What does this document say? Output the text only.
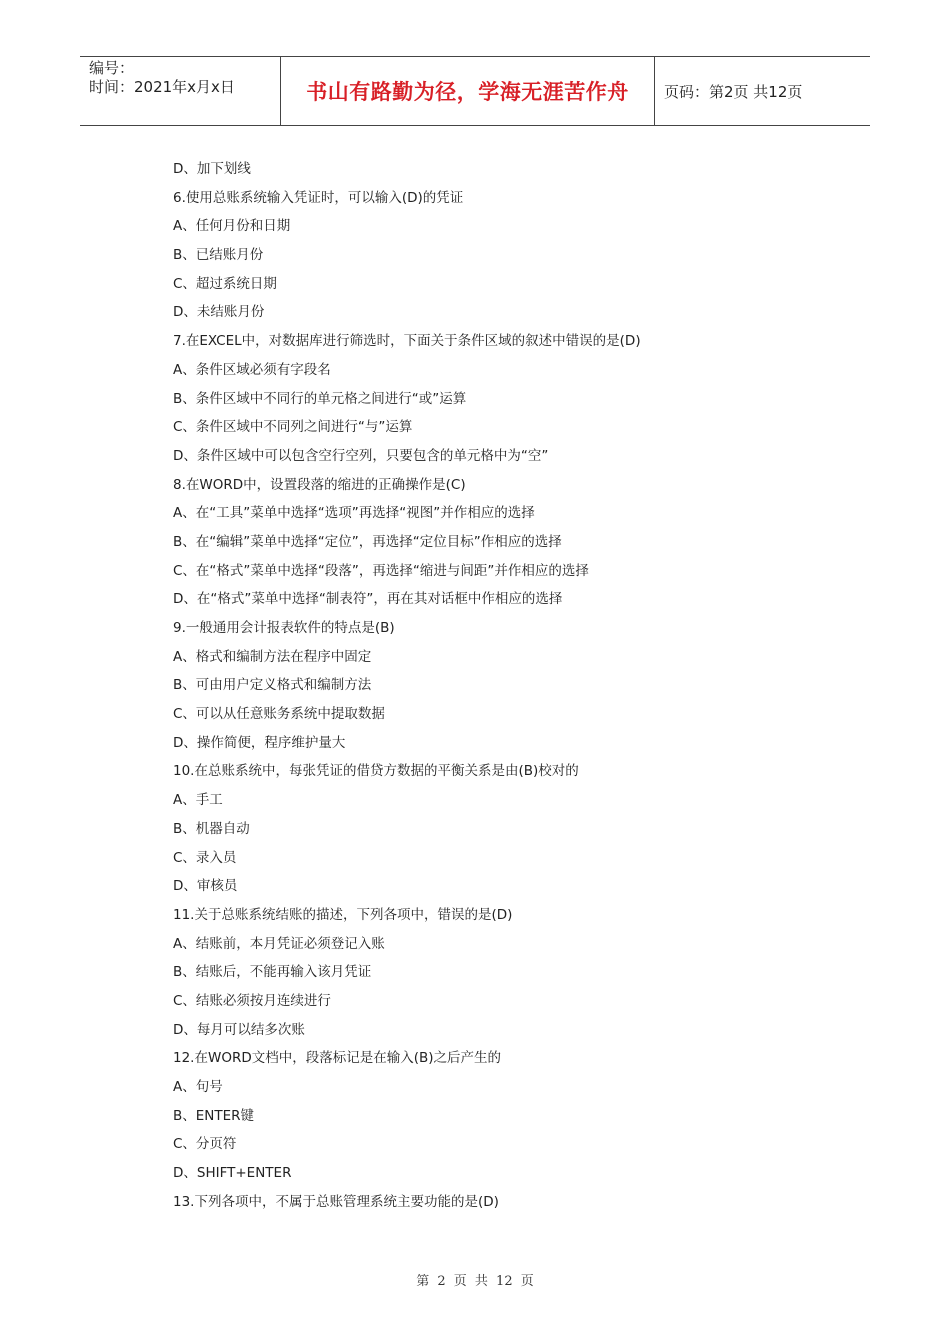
编号：
时间：2021年x月x日	书山有路勤为径，学海无涯苦作舟	页码：第2页 共12页
D、加下划线
6.使用总账系统输入凭证时，可以输入(D)的凭证
A、任何月份和日期
B、已结账月份
C、超过系统日期
D、未结账月份
7.在EXCEL中，对数据库进行筛选时，下面关于条件区域的叙述中错误的是(D)
A、条件区域必须有字段名
B、条件区域中不同行的单元格之间进行“或”运算
C、条件区域中不同列之间进行“与”运算
D、条件区域中可以包含空行空列，只要包含的单元格中为“空”
8.在WORD中，设置段落的缩进的正确操作是(C)
A、在“工具”菜单中选择“选项”再选择“视图”并作相应的选择
B、在“编辑”菜单中选择“定位”，再选择“定位目标”作相应的选择
C、在“格式”菜单中选择“段落”，再选择“缩进与间距”并作相应的选择
D、在“格式”菜单中选择“制表符”，再在其对话框中作相应的选择
9.一般通用会计报表软件的特点是(B)
A、格式和编制方法在程序中固定
B、可由用户定义格式和编制方法
C、可以从任意账务系统中提取数据
D、操作简便，程序维护量大
10.在总账系统中，每张凭证的借贷方数据的平衡关系是由(B)校对的
A、手工
B、机器自动
C、录入员
D、审核员
11.关于总账系统结账的描述，下列各项中，错误的是(D)
A、结账前，本月凭证必须登记入账
B、结账后，不能再输入该月凭证
C、结账必须按月连续进行
D、每月可以结多次账
12.在WORD文档中，段落标记是在输入(B)之后产生的
A、句号
B、ENTER键
C、分页符
D、SHIFT+ENTER
13.下列各项中，不属于总账管理系统主要功能的是(D)
第 2 页 共 12 页
